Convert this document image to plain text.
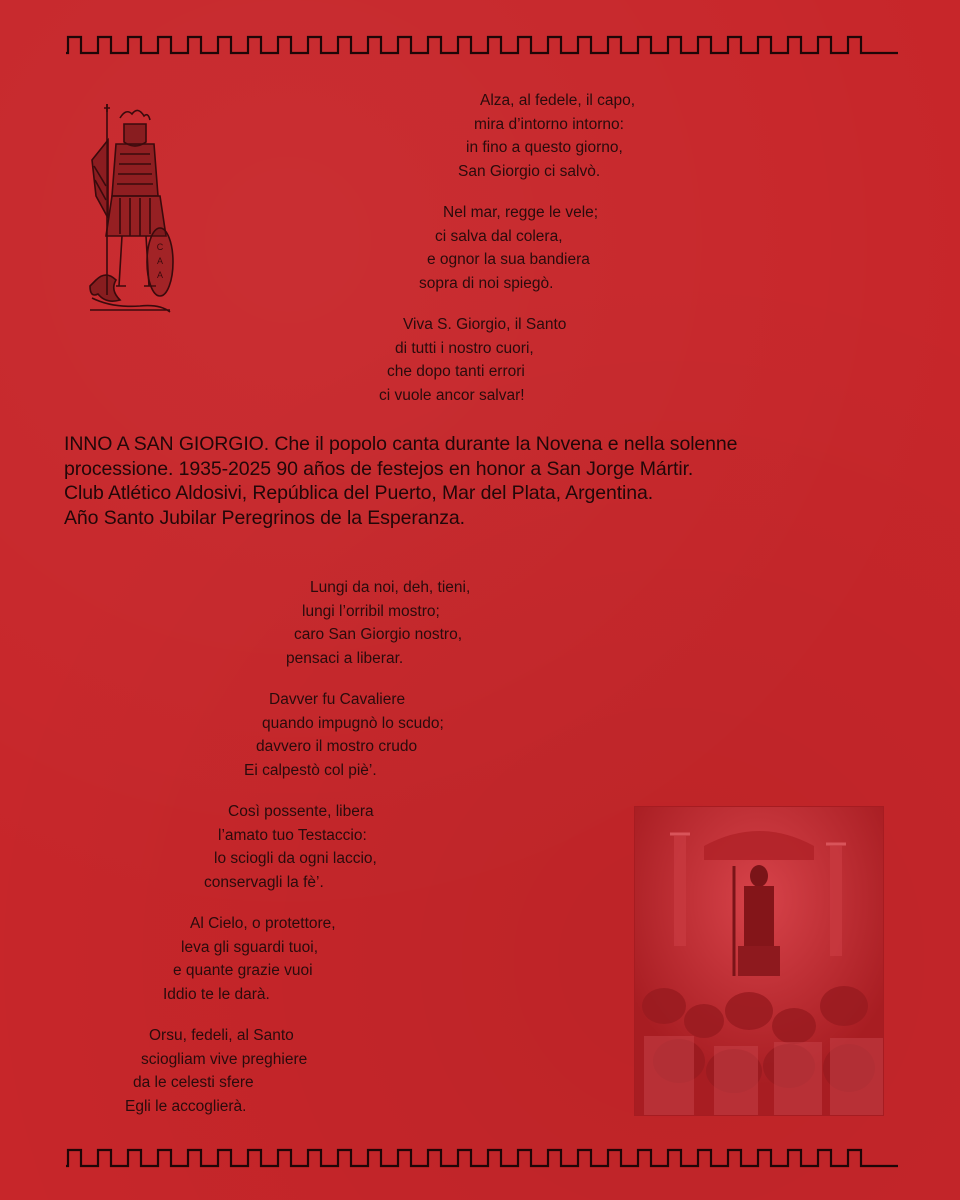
C
A
A
Alza, al fedele, il capo,
mira d’intorno intorno:
in fino a questo giorno,
San Giorgio ci salvò.
Nel mar, regge le vele;
ci salva dal colera,
e ognor la sua bandiera
sopra di noi spiegò.
Viva S. Giorgio, il Santo
di tutti i nostro cuori,
che dopo tanti errori
ci vuole ancor salvar!
INNO A SAN GIORGIO. Che il popolo canta durante la Novena e nella solenne
processione. 1935-2025 90 años de festejos en honor a San Jorge Mártir.
Club Atlético Aldosivi, República del Puerto, Mar del Plata, Argentina.
Año Santo Jubilar Peregrinos de la Esperanza.
Lungi da noi, deh, tieni,
lungi l’orribil mostro;
caro San Giorgio nostro,
pensaci a liberar.
Davver fu Cavaliere
quando impugnò lo scudo;
davvero il mostro crudo
Ei calpestò col piè’.
Così possente, libera
l’amato tuo Testaccio:
lo sciogli da ogni laccio,
conservagli la fè’.
Al Cielo, o protettore,
leva gli sguardi tuoi,
e quante grazie vuoi
Iddio te le darà.
Orsu, fedeli, al Santo
sciogliam vive preghiere
da le celesti sfere
Egli le accoglierà.
